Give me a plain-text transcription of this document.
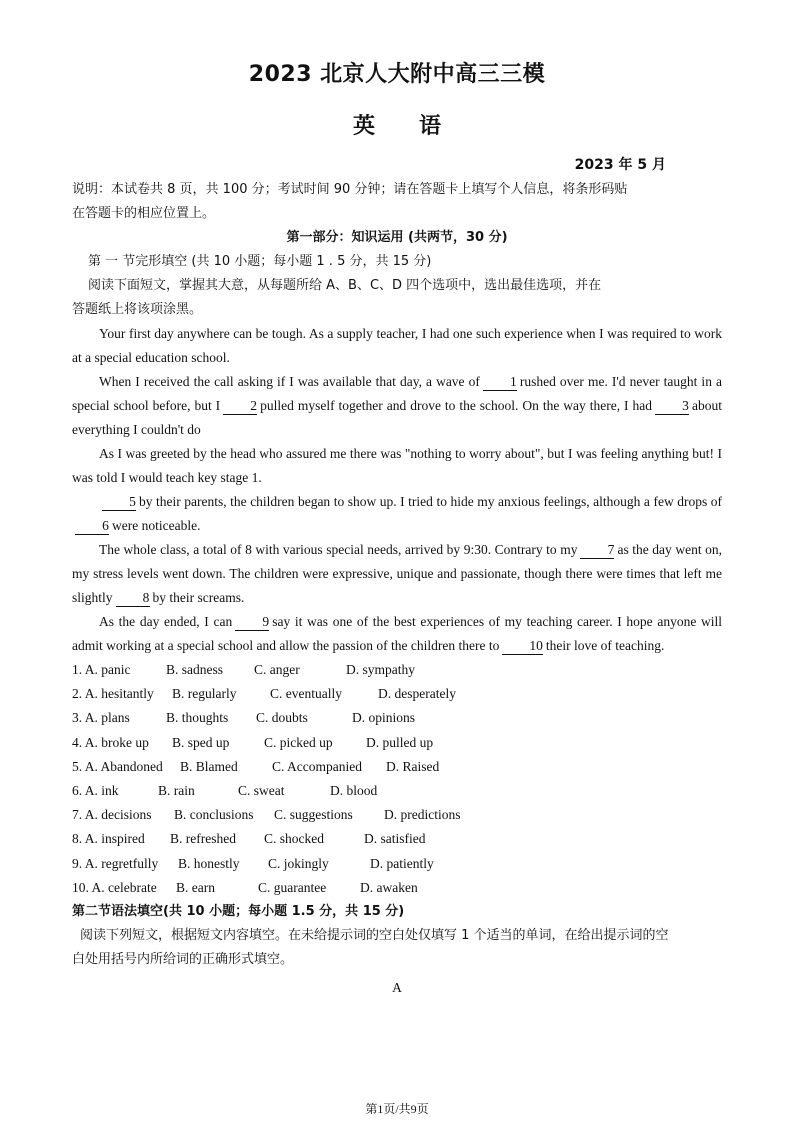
2023 北京人大附中高三三模

英 语

2023 年 5 月

说明：本试卷共 8 页，共 100 分；考试时间 90 分钟；请在答题卡上填写个人信息，将条形码贴

在答题卡的相应位置上。

第一部分：知识运用 (共两节，30 分)

第 一 节完形填空 (共 10 小题；每小题 1 . 5 分，共 15 分)

阅读下面短文，掌握其大意，从每题所给 A、B、C、D 四个选项中，选出最佳选项，并在

答题纸上将该项涂黑。

Your first day anywhere can be tough. As a supply teacher, I had one such experience when I was required to work at a special education school.

When I received the call asking if I was available that day, a wave of 1 rushed over me. I'd never taught in a special school before, but I 2 pulled myself together and drove to the school. On the way there, I had 3 about everything I couldn't do

As I was greeted by the head who assured me there was "nothing to worry about", but I was feeling anything but! I was told I would teach key stage 1.

5 by their parents, the children began to show up. I tried to hide my anxious feelings, although a few drops of6 were noticeable.

The whole class, a total of 8 with various special needs, arrived by 9:30. Contrary to my 7 as the day went on, my stress levels went down. The children were expressive, unique and passionate, though there were times that left me slightly 8 by their screams.

As the day ended, I can 9 say it was one of the best experiences of my teaching career. I hope anyone will admit working at a special school and allow the passion of the children there to 10 their love of teaching.

1. A. panic	B. sadness C. anger	D. sympathy
2. A. hesitantly B. regularly C. eventually	D. desperately
3. A. plans	B. thoughts C. doubts	D. opinions
4. A. broke up B. sped up	C. picked up D. pulled up
5. A. Abandoned B. Blamed	C. Accompanied D. Raised
6. A. ink	B. rain	C. sweat	D. blood
7. A. decisions B. conclusions C. suggestions D. predictions
8. A. inspired B. refreshed C. shocked	D. satisfied
9. A. regretfully B. honestly C. jokingly	D. patiently
10. A. celebrate B. earn	C. guarantee	D. awaken

第二节语法填空(共 10 小题；每小题 1.5 分，共 15 分)

阅读下列短文，根据短文内容填空。在未给提示词的空白处仅填写 1 个适当的单词，在给出提示词的空

白处用括号内所给词的正确形式填空。

A

第1页/共9页
